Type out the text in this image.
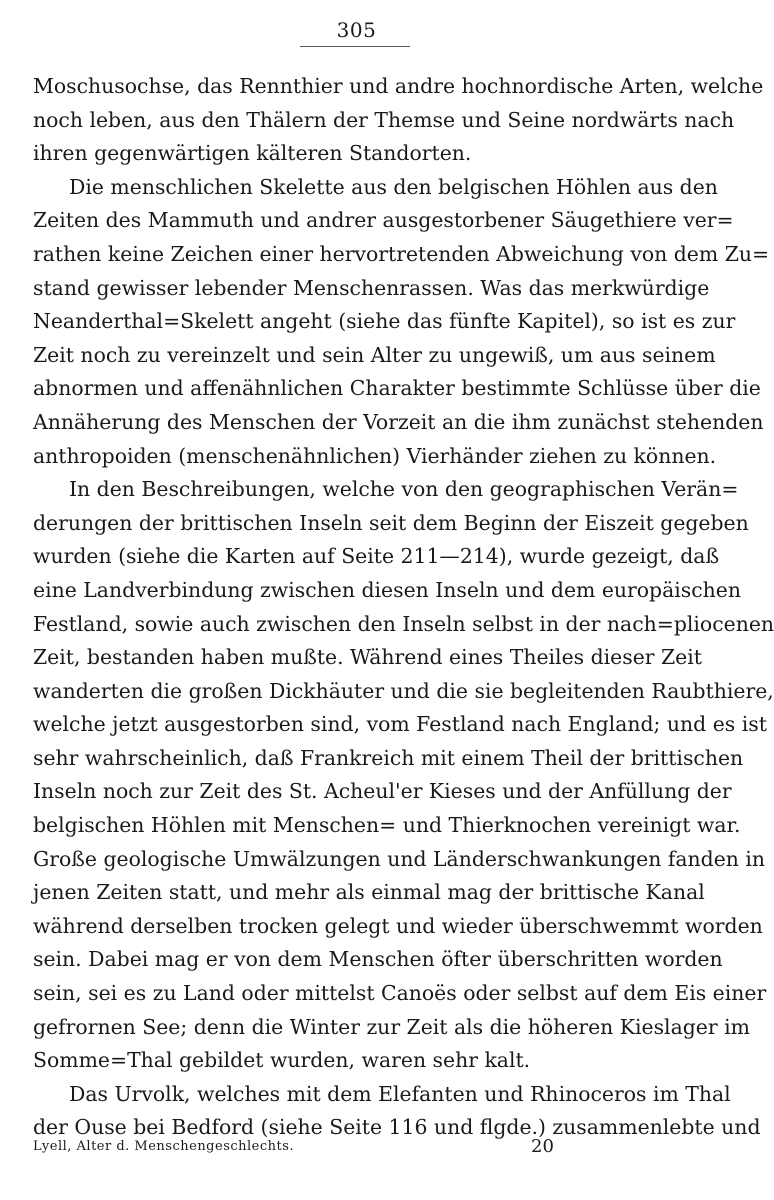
305
Moschusochse, das Rennthier und andre hochnordische Arten, welche
noch leben, aus den Thälern der Themse und Seine nordwärts nach
ihren gegenwärtigen kälteren Standorten.
Die menschlichen Skelette aus den belgischen Höhlen aus den
Zeiten des Mammuth und andrer ausgestorbener Säugethiere ver=
rathen keine Zeichen einer hervortretenden Abweichung von dem Zu=
stand gewisser lebender Menschenrassen. Was das merkwürdige
Neanderthal=Skelett angeht (siehe das fünfte Kapitel), so ist es zur
Zeit noch zu vereinzelt und sein Alter zu ungewiß, um aus seinem
abnormen und affenähnlichen Charakter bestimmte Schlüsse über die
Annäherung des Menschen der Vorzeit an die ihm zunächst stehenden
anthropoiden (menschenähnlichen) Vierhänder ziehen zu können.
In den Beschreibungen, welche von den geographischen Verän=
derungen der brittischen Inseln seit dem Beginn der Eiszeit gegeben
wurden (siehe die Karten auf Seite 211—214), wurde gezeigt, daß
eine Landverbindung zwischen diesen Inseln und dem europäischen
Festland, sowie auch zwischen den Inseln selbst in der nach=pliocenen
Zeit, bestanden haben mußte. Während eines Theiles dieser Zeit
wanderten die großen Dickhäuter und die sie begleitenden Raubthiere,
welche jetzt ausgestorben sind, vom Festland nach England; und es ist
sehr wahrscheinlich, daß Frankreich mit einem Theil der brittischen
Inseln noch zur Zeit des St. Acheul'er Kieses und der Anfüllung der
belgischen Höhlen mit Menschen= und Thierknochen vereinigt war.
Große geologische Umwälzungen und Länderschwankungen fanden in
jenen Zeiten statt, und mehr als einmal mag der brittische Kanal
während derselben trocken gelegt und wieder überschwemmt worden
sein. Dabei mag er von dem Menschen öfter überschritten worden
sein, sei es zu Land oder mittelst Canoës oder selbst auf dem Eis einer
gefrornen See; denn die Winter zur Zeit als die höheren Kieslager im
Somme=Thal gebildet wurden, waren sehr kalt.
Das Urvolk, welches mit dem Elefanten und Rhinoceros im Thal
der Ouse bei Bedford (siehe Seite 116 und flgde.) zusammenlebte und
Lyell, Alter d. Menschengeschlechts.	20
